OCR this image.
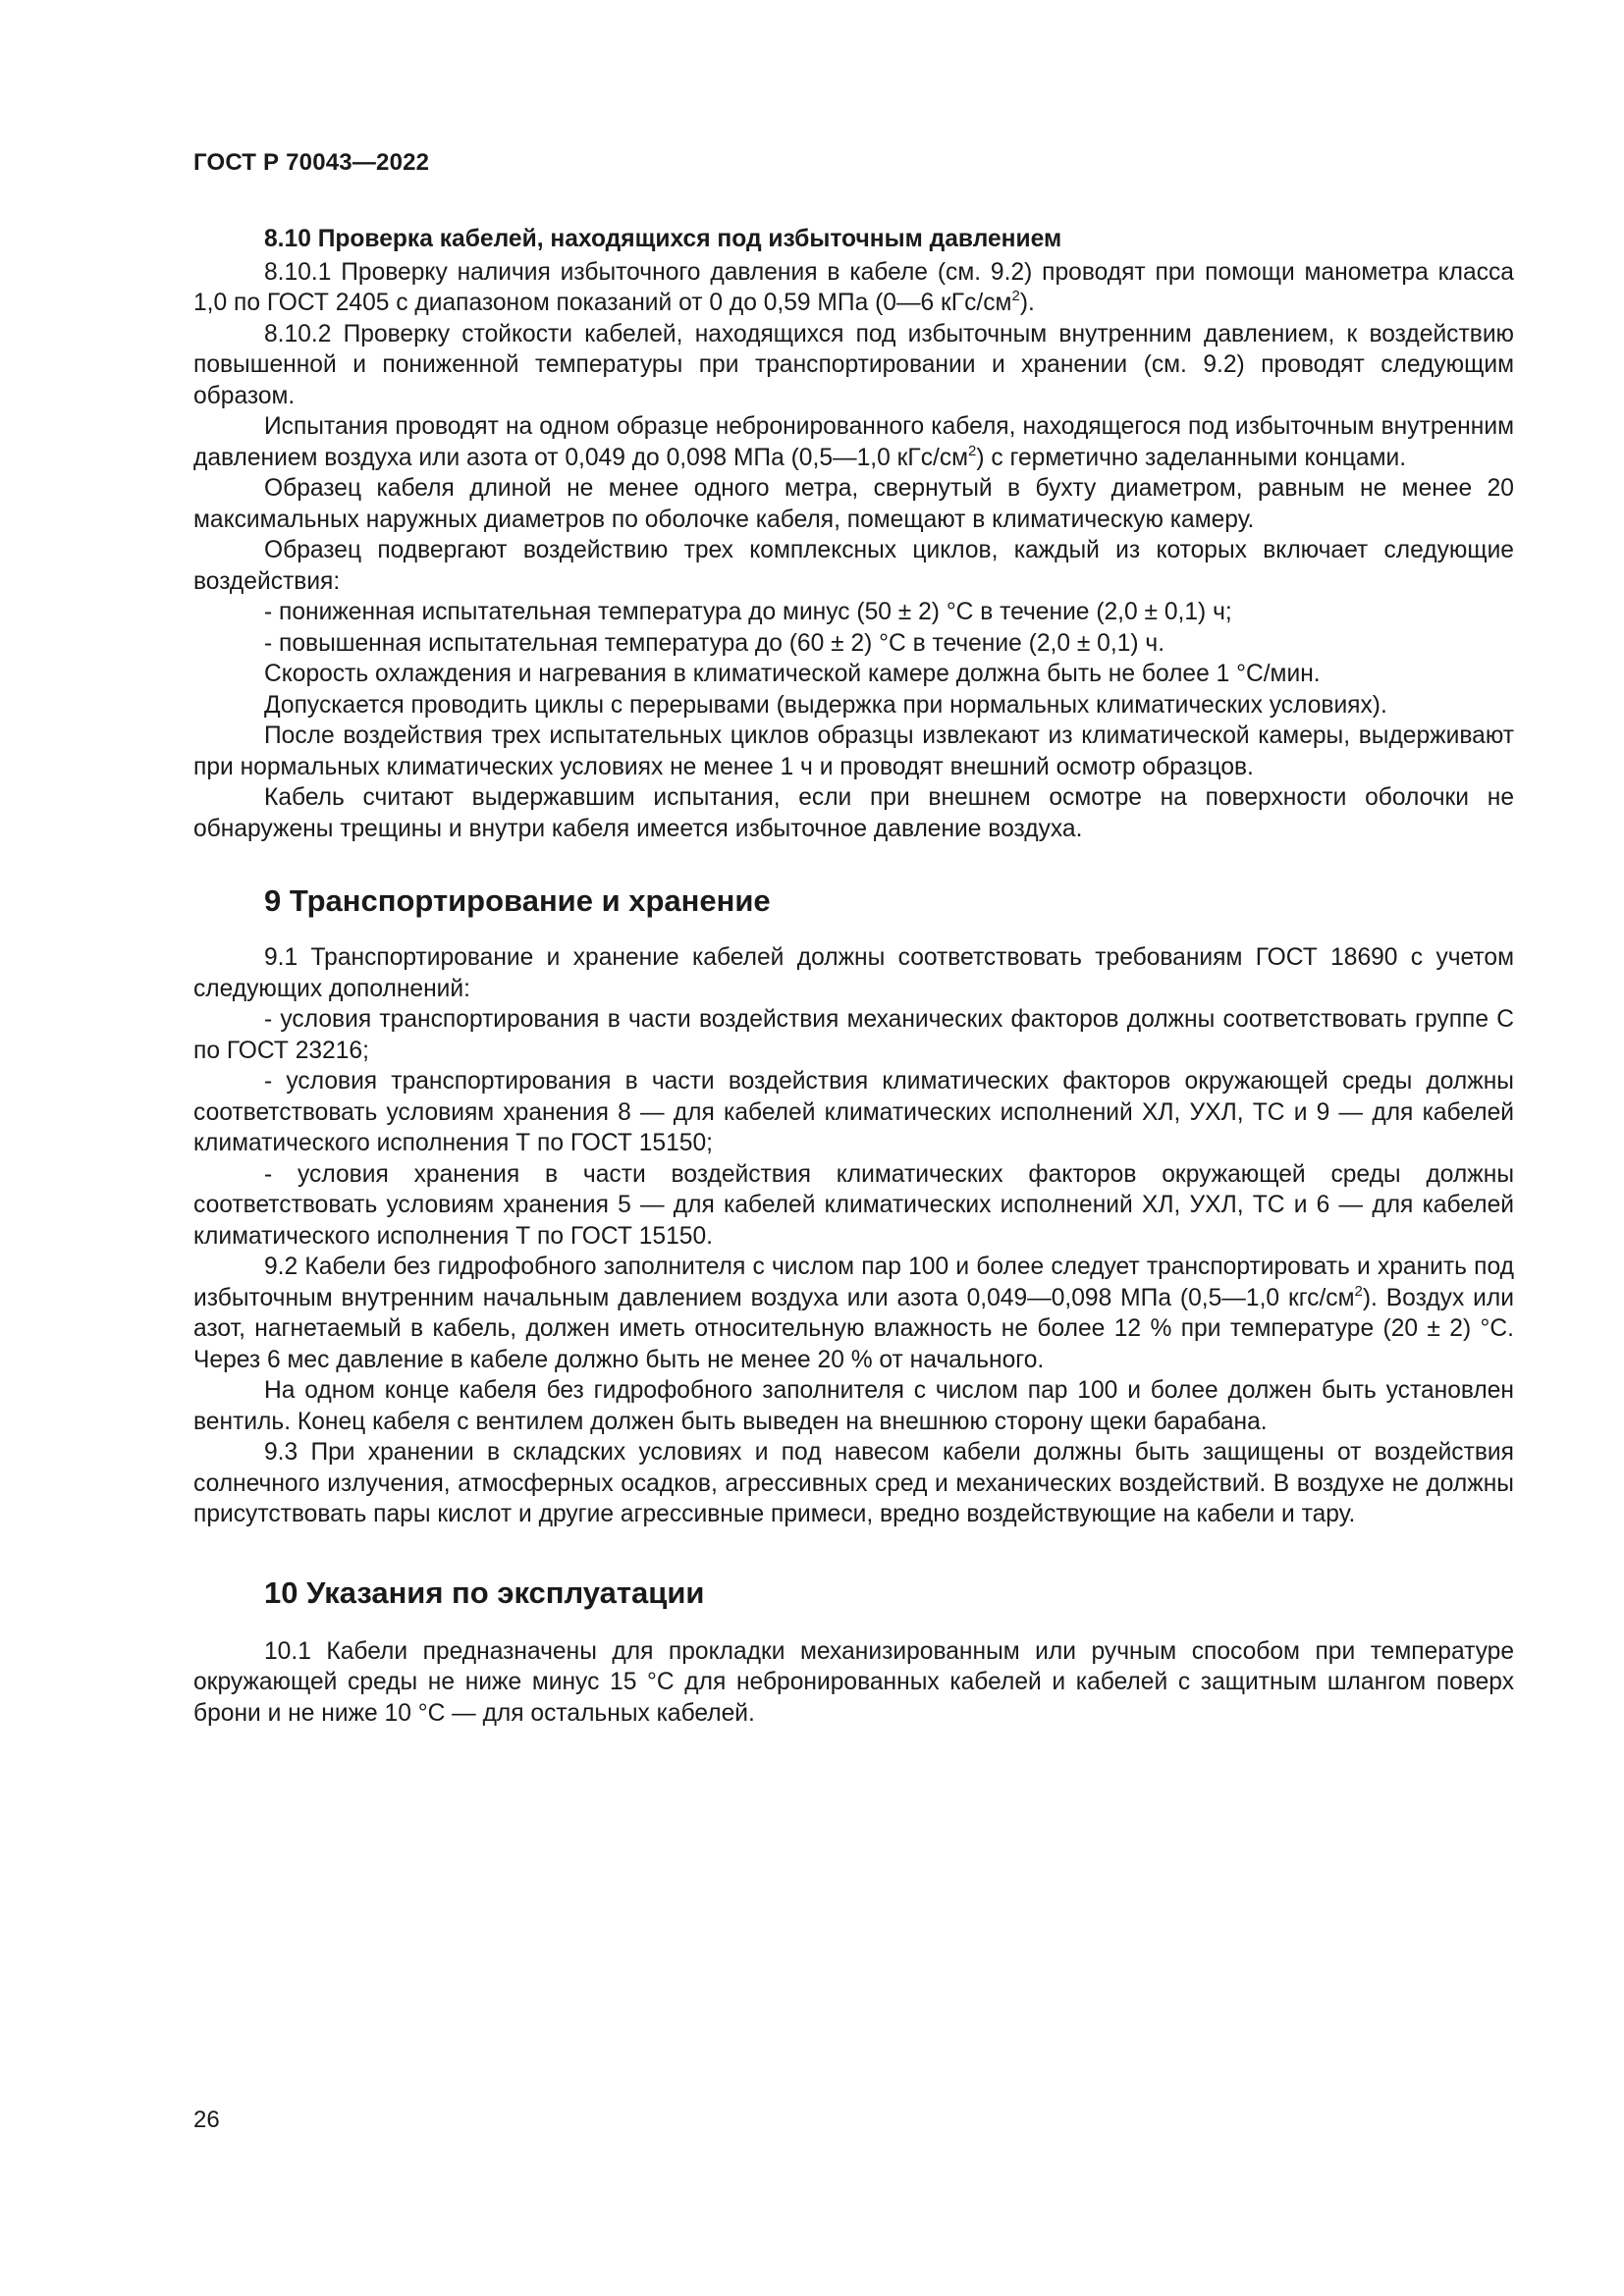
ГОСТ Р 70043—2022

8.10 Проверка кабелей, находящихся под избыточным давлением

8.10.1 Проверку наличия избыточного давления в кабеле (см. 9.2) проводят при помощи манометра класса 1,0 по ГОСТ 2405 с диапазоном показаний от 0 до 0,59 МПа (0—6 кГс/$см^2$).

8.10.2 Проверку стойкости кабелей, находящихся под избыточным внутренним давлением, к воздействию повышенной и пониженной температуры при транспортировании и хранении (см. 9.2) проводят следующим образом.

Испытания проводят на одном образце небронированного кабеля, находящегося под избыточным внутренним давлением воздуха или азота от 0,049 до 0,098 МПа (0,5—1,0 кГс/$см^2$) с герметично заделанными концами.

Образец кабеля длиной не менее одного метра, свернутый в бухту диаметром, равным не менее 20 максимальных наружных диаметров по оболочке кабеля, помещают в климатическую камеру.

Образец подвергают воздействию трех комплексных циклов, каждый из которых включает следующие воздействия:

- пониженная испытательная температура до минус (50 ± 2) °С в течение (2,0 ± 0,1) ч;

- повышенная испытательная температура до (60 ± 2) °С в течение (2,0 ± 0,1) ч.

Скорость охлаждения и нагревания в климатической камере должна быть не более 1 °С/мин.

Допускается проводить циклы с перерывами (выдержка при нормальных климатических условиях).

После воздействия трех испытательных циклов образцы извлекают из климатической камеры, выдерживают при нормальных климатических условиях не менее 1 ч и проводят внешний осмотр образцов.

Кабель считают выдержавшим испытания, если при внешнем осмотре на поверхности оболочки не обнаружены трещины и внутри кабеля имеется избыточное давление воздуха.

9 Транспортирование и хранение

9.1 Транспортирование и хранение кабелей должны соответствовать требованиям ГОСТ 18690 с учетом следующих дополнений:

- условия транспортирования в части воздействия механических факторов должны соответствовать группе С по ГОСТ 23216;

- условия транспортирования в части воздействия климатических факторов окружающей среды должны соответствовать условиям хранения 8 — для кабелей климатических исполнений ХЛ, УХЛ, ТС и 9 — для кабелей климатического исполнения Т по ГОСТ 15150;

- условия хранения в части воздействия климатических факторов окружающей среды должны соответствовать условиям хранения 5 — для кабелей климатических исполнений ХЛ, УХЛ, ТС и 6 — для кабелей климатического исполнения Т по ГОСТ 15150.

9.2 Кабели без гидрофобного заполнителя с числом пар 100 и более следует транспортировать и хранить под избыточным внутренним начальным давлением воздуха или азота 0,049—0,098 МПа (0,5—1,0 кгс/$см^2$). Воздух или азот, нагнетаемый в кабель, должен иметь относительную влажность не более 12 % при температуре (20 ± 2) °С. Через 6 мес давление в кабеле должно быть не менее 20 % от начального.

На одном конце кабеля без гидрофобного заполнителя с числом пар 100 и более должен быть установлен вентиль. Конец кабеля с вентилем должен быть выведен на внешнюю сторону щеки барабана.

9.3 При хранении в складских условиях и под навесом кабели должны быть защищены от воздействия солнечного излучения, атмосферных осадков, агрессивных сред и механических воздействий. В воздухе не должны присутствовать пары кислот и другие агрессивные примеси, вредно воздействующие на кабели и тару.

10 Указания по эксплуатации

10.1 Кабели предназначены для прокладки механизированным или ручным способом при температуре окружающей среды не ниже минус 15 °С для небронированных кабелей и кабелей с защитным шлангом поверх брони и не ниже 10 °С — для остальных кабелей.

26
